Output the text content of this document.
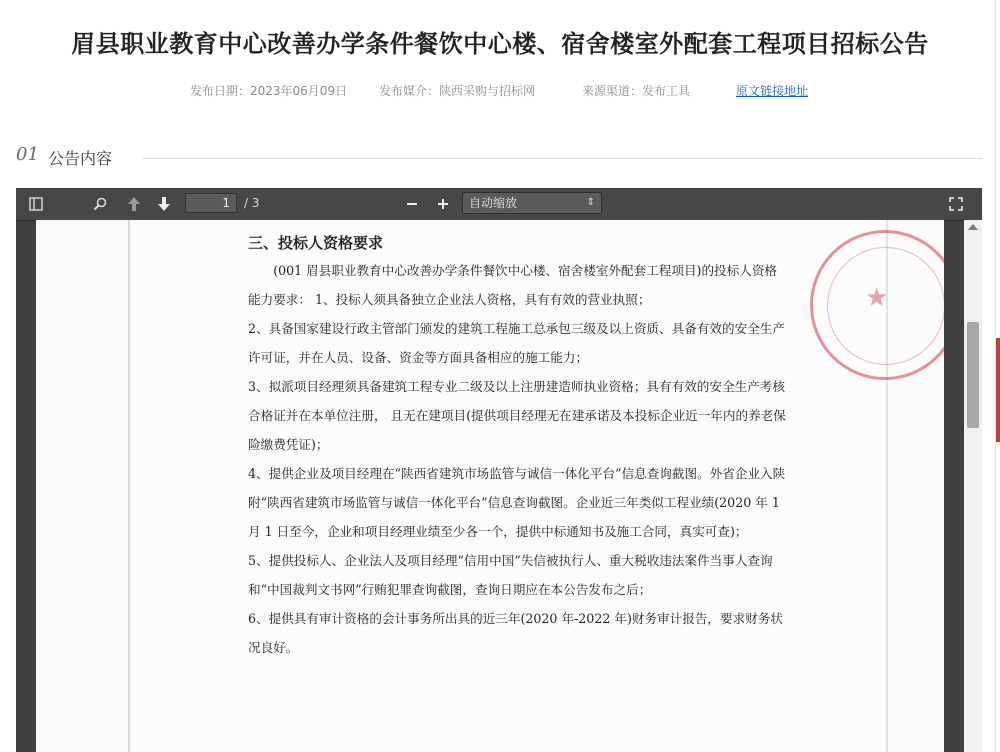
眉县职业教育中心改善办学条件餐饮中心楼、宿舍楼室外配套工程项目招标公告
发布日期：2023年06月09日	发布媒介：陕西采购与招标网	来源渠道：发布工具	原文链接地址
01 公告内容
1	/ 3	自动缩放	⇕
★

三、投标人资格要求

(001 眉县职业教育中心改善办学条件餐饮中心楼、宿舍楼室外配套工程项目)的投标人资格能力要求： 1、投标人须具备独立企业法人资格，具有有效的营业执照；

2、具备国家建设行政主管部门颁发的建筑工程施工总承包三级及以上资质、具备有效的安全生产许可证，并在人员、设备、资金等方面具备相应的施工能力；

3、拟派项目经理须具备建筑工程专业二级及以上注册建造师执业资格；具有有效的安全生产考核合格证并在本单位注册， 且无在建项目(提供项目经理无在建承诺及本投标企业近一年内的养老保险缴费凭证)；

4、提供企业及项目经理在“陕西省建筑市场监管与诚信一体化平台”信息查询截图。外省企业入陕附“陕西省建筑市场监管与诚信一体化平台”信息查询截图。企业近三年类似工程业绩(2020 年 1 月 1 日至今，企业和项目经理业绩至少各一个，提供中标通知书及施工合同，真实可查)；

5、提供投标人、企业法人及项目经理“信用中国”失信被执行人、重大税收违法案件当事人查询和“中国裁判文书网”行贿犯罪查询截图，查询日期应在本公告发布之后；

6、提供具有审计资格的会计事务所出具的近三年(2020 年-2022 年)财务审计报告，要求财务状况良好。
